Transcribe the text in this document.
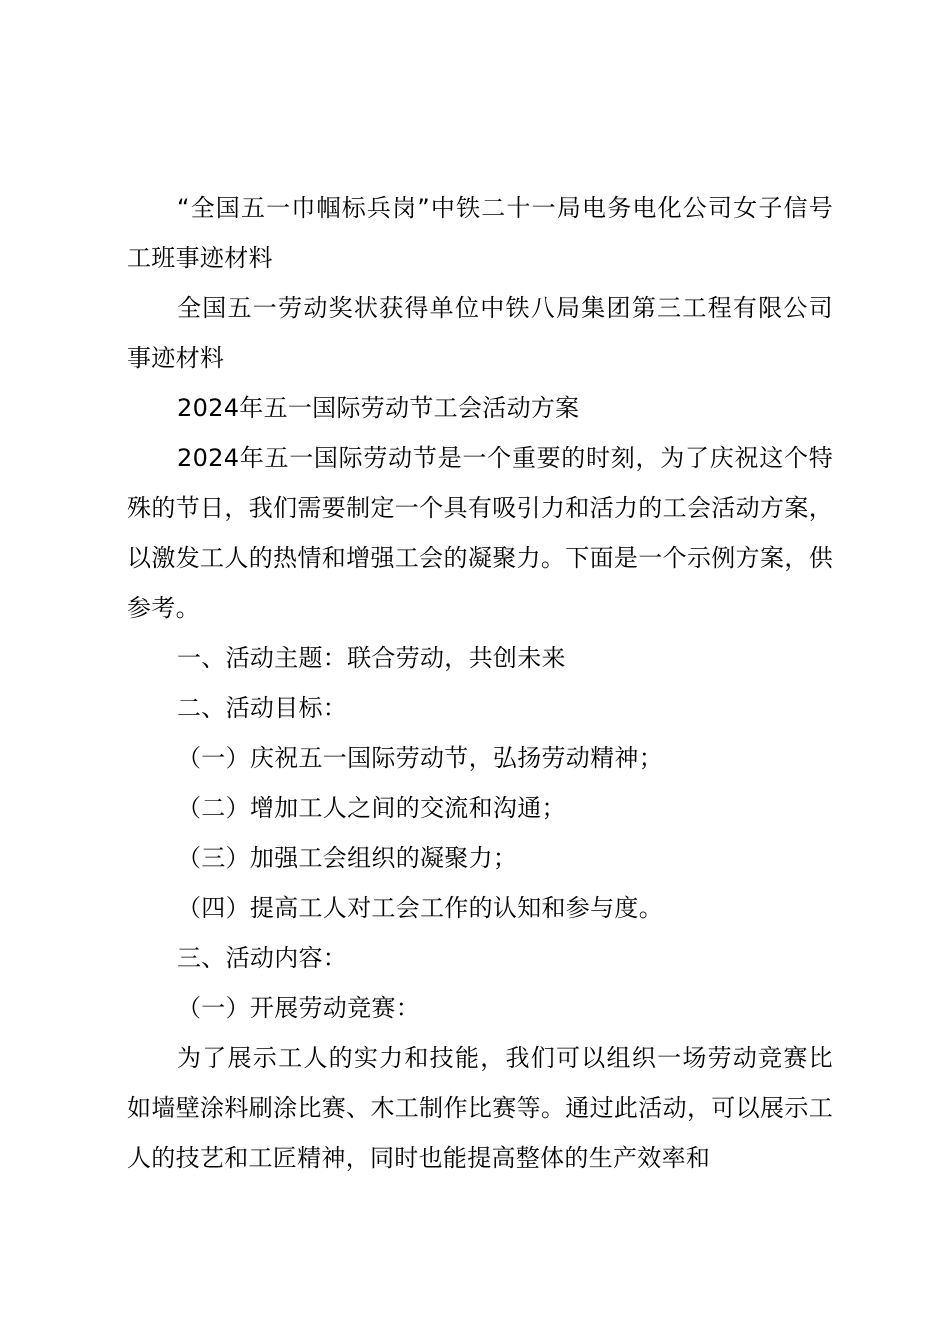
“全国五一巾帼标兵岗”中铁二十一局电务电化公司女子信号工班事迹材料

全国五一劳动奖状获得单位中铁八局集团第三工程有限公司事迹材料

2024年五一国际劳动节工会活动方案

2024年五一国际劳动节是一个重要的时刻，为了庆祝这个特殊的节日，我们需要制定一个具有吸引力和活力的工会活动方案，以激发工人的热情和增强工会的凝聚力。下面是一个示例方案，供参考。

一、活动主题：联合劳动，共创未来

二、活动目标：

（一）庆祝五一国际劳动节，弘扬劳动精神；

（二）增加工人之间的交流和沟通；

（三）加强工会组织的凝聚力；

（四）提高工人对工会工作的认知和参与度。

三、活动内容：

（一）开展劳动竞赛：

为了展示工人的实力和技能，我们可以组织一场劳动竞赛比如墙壁涂料刷涂比赛、木工制作比赛等。通过此活动，可以展示工人的技艺和工匠精神，同时也能提高整体的生产效率和
